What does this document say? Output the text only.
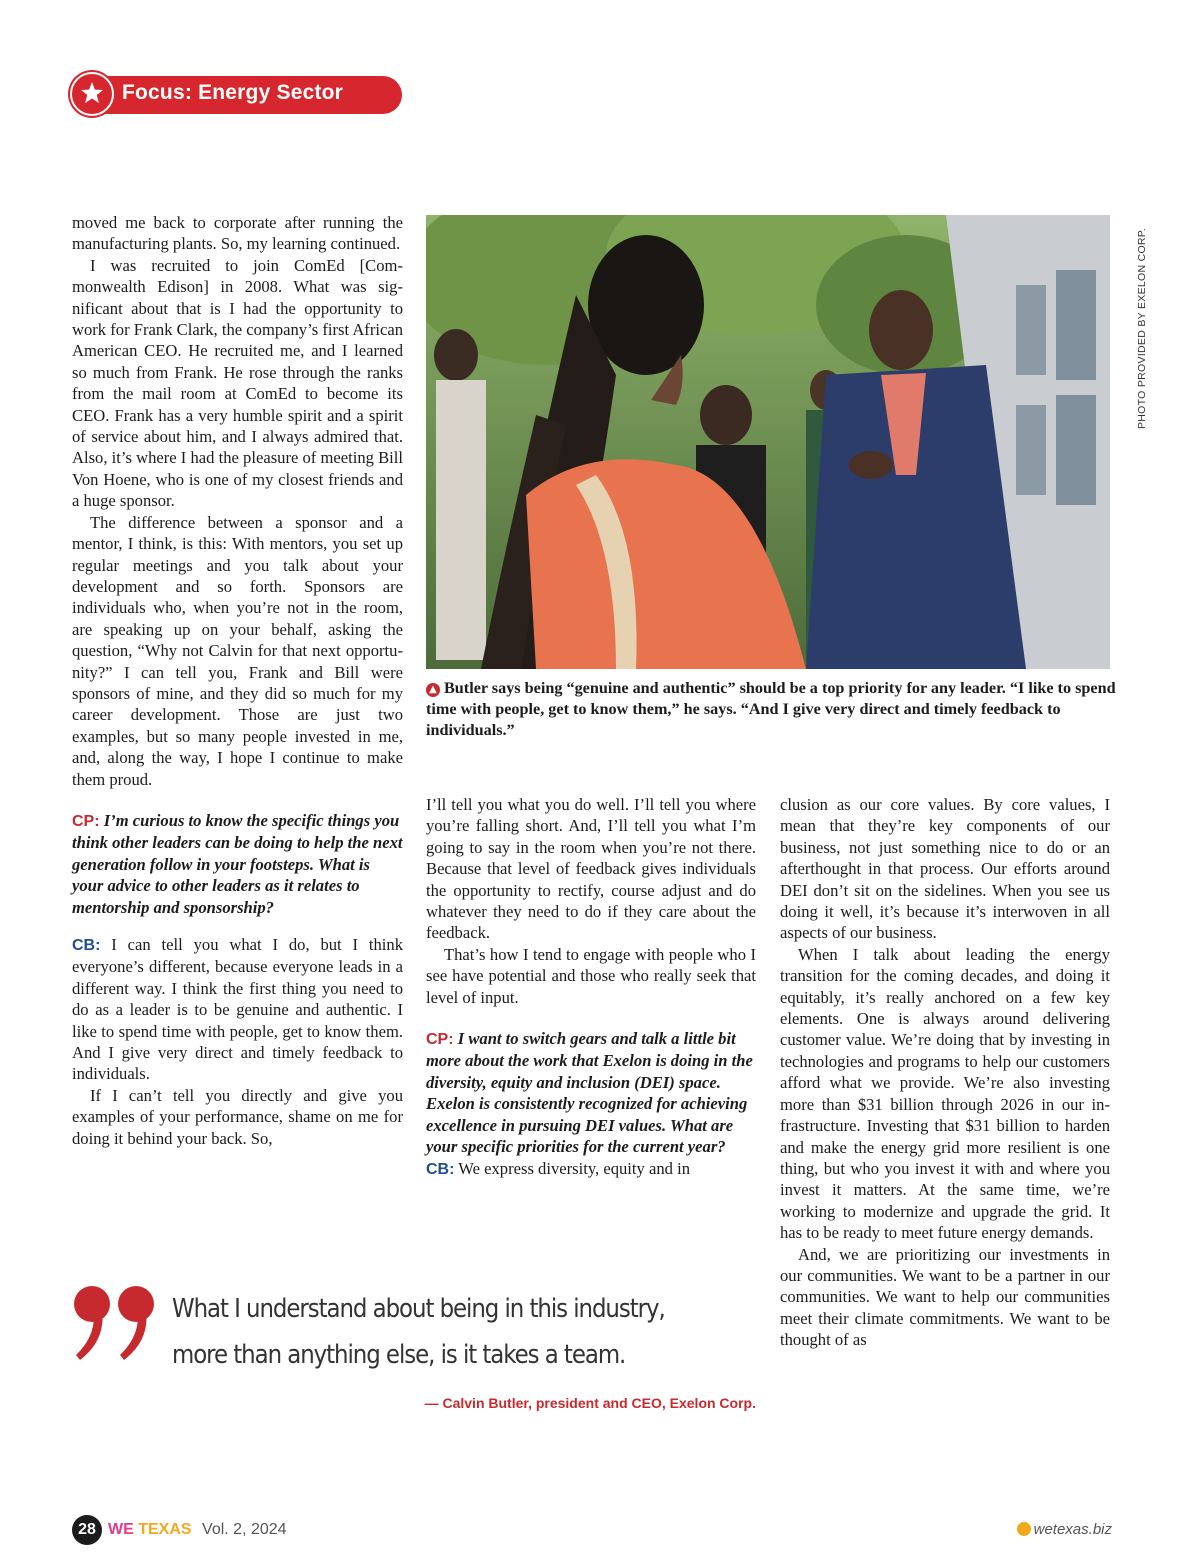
Focus: Energy Sector

moved me back to corporate after running the manufacturing plants. So, my learning continued.

I was recruited to join ComEd [Commonwealth Edison] in 2008. What was significant about that is I had the opportunity to work for Frank Clark, the company’s first African American CEO. He recruited me, and I learned so much from Frank. He rose through the ranks from the mail room at ComEd to become its CEO. Frank has a very humble spirit and a spirit of service about him, and I always admired that. Also, it’s where I had the pleasure of meeting Bill Von Hoene, who is one of my closest friends and a huge sponsor.

The difference between a sponsor and a mentor, I think, is this: With mentors, you set up regular meetings and you talk about your development and so forth. Sponsors are individuals who, when you’re not in the room, are speaking up on your behalf, asking the question, “Why not Calvin for that next opportunity?” I can tell you, Frank and Bill were sponsors of mine, and they did so much for my career development. Those are just two examples, but so many people invested in me, and, along the way, I hope I continue to make them proud.

CP: I’m curious to know the specific things you think other leaders can be doing to help the next generation follow in your footsteps. What is your advice to other leaders as it relates to mentorship and sponsorship?

CB: I can tell you what I do, but I think everyone’s different, because everyone leads in a different way. I think the first thing you need to do as a leader is to be genuine and authentic. I like to spend time with people, get to know them. And I give very direct and timely feedback to individuals.

If I can’t tell you directly and give you examples of your performance, shame on me for doing it behind your back. So,

PHOTO PROVIDED BY EXELON CORP.
▲ Butler says being “genuine and authentic” should be a top priority for any leader. “I like to spend time with people, get to know them,” he says. “And I give very direct and timely feedback to individuals.”

I’ll tell you what you do well. I’ll tell you where you’re falling short. And, I’ll tell you what I’m going to say in the room when you’re not there. Because that level of feedback gives individuals the opportunity to rectify, course adjust and do whatever they need to do if they care about the feedback.

That’s how I tend to engage with people who I see have potential and those who really seek that level of input.

CP: I want to switch gears and talk a little bit more about the work that Exelon is doing in the diversity, equity and inclusion (DEI) space. Exelon is consistently recognized for achieving excellence in pursuing DEI values. What are your specific priorities for the current year?

CB: We express diversity, equity and in

clusion as our core values. By core values, I mean that they’re key components of our business, not just something nice to do or an afterthought in that process. Our efforts around DEI don’t sit on the sidelines. When you see us doing it well, it’s because it’s interwoven in all aspects of our business.

When I talk about leading the energy transition for the coming decades, and doing it equitably, it’s really anchored on a few key elements. One is always around delivering customer value. We’re doing that by investing in technologies and programs to help our customers afford what we provide. We’re also investing more than $31 billion through 2026 in our infrastructure. Investing that $31 billion to harden and make the energy grid more resilient is one thing, but who you invest it with and where you invest it matters. At the same time, we’re working to modernize and upgrade the grid. It has to be ready to meet future energy demands.

And, we are prioritizing our investments in our communities. We want to be a partner in our communities. We want to help our communities meet their climate commitments. We want to be thought of as

What I understand about being in this industry, more than anything else, is it takes a team.
— Calvin Butler, president and CEO, Exelon Corp.
28 WE TEXAS Vol. 2, 2024	wetexas.biz
